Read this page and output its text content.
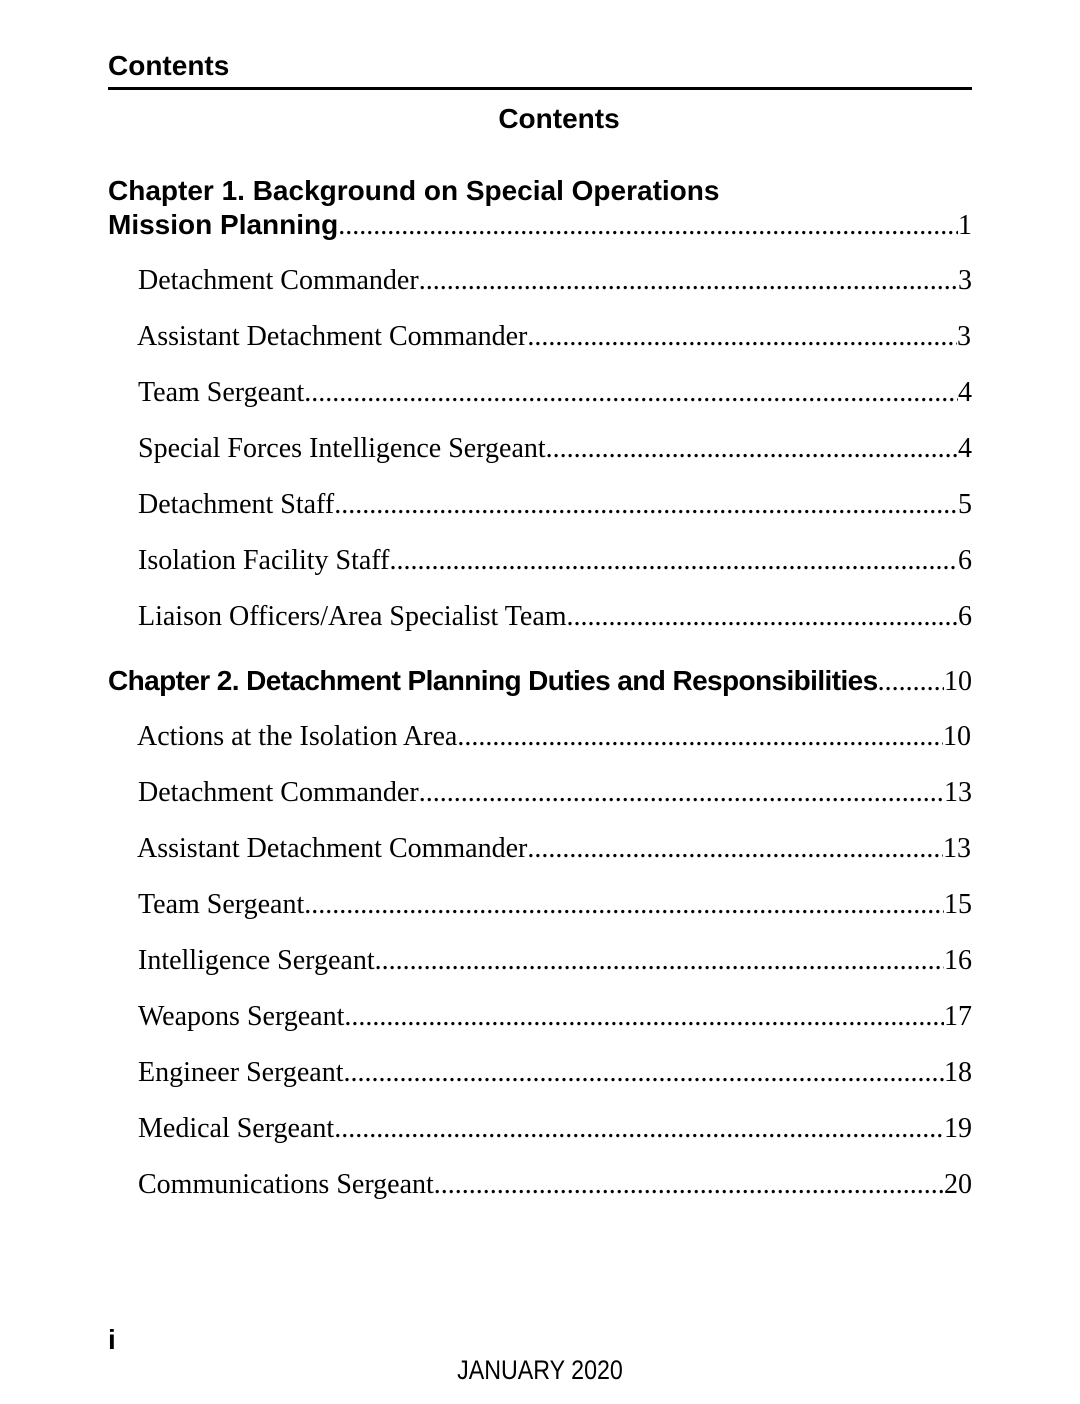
Contents
Contents
Chapter 1. Background on Special Operations
Mission Planning .....	1
Detachment Commander .....	3
Assistant Detachment Commander .....	3
Team Sergeant .....	4
Special Forces Intelligence Sergeant .....	4
Detachment Staff .....	5
Isolation Facility Staff .....	6
Liaison Officers/Area Specialist Team .....	6
Chapter 2. Detachment Planning Duties and Responsibilities ..... 10
Actions at the Isolation Area .....	10
Detachment Commander .....	13
Assistant Detachment Commander .....	13
Team Sergeant .....	15
Intelligence Sergeant .....	16
Weapons Sergeant .....	17
Engineer Sergeant .....	18
Medical Sergeant .....	19
Communications Sergeant .....	20
i
JANUARY 2020
